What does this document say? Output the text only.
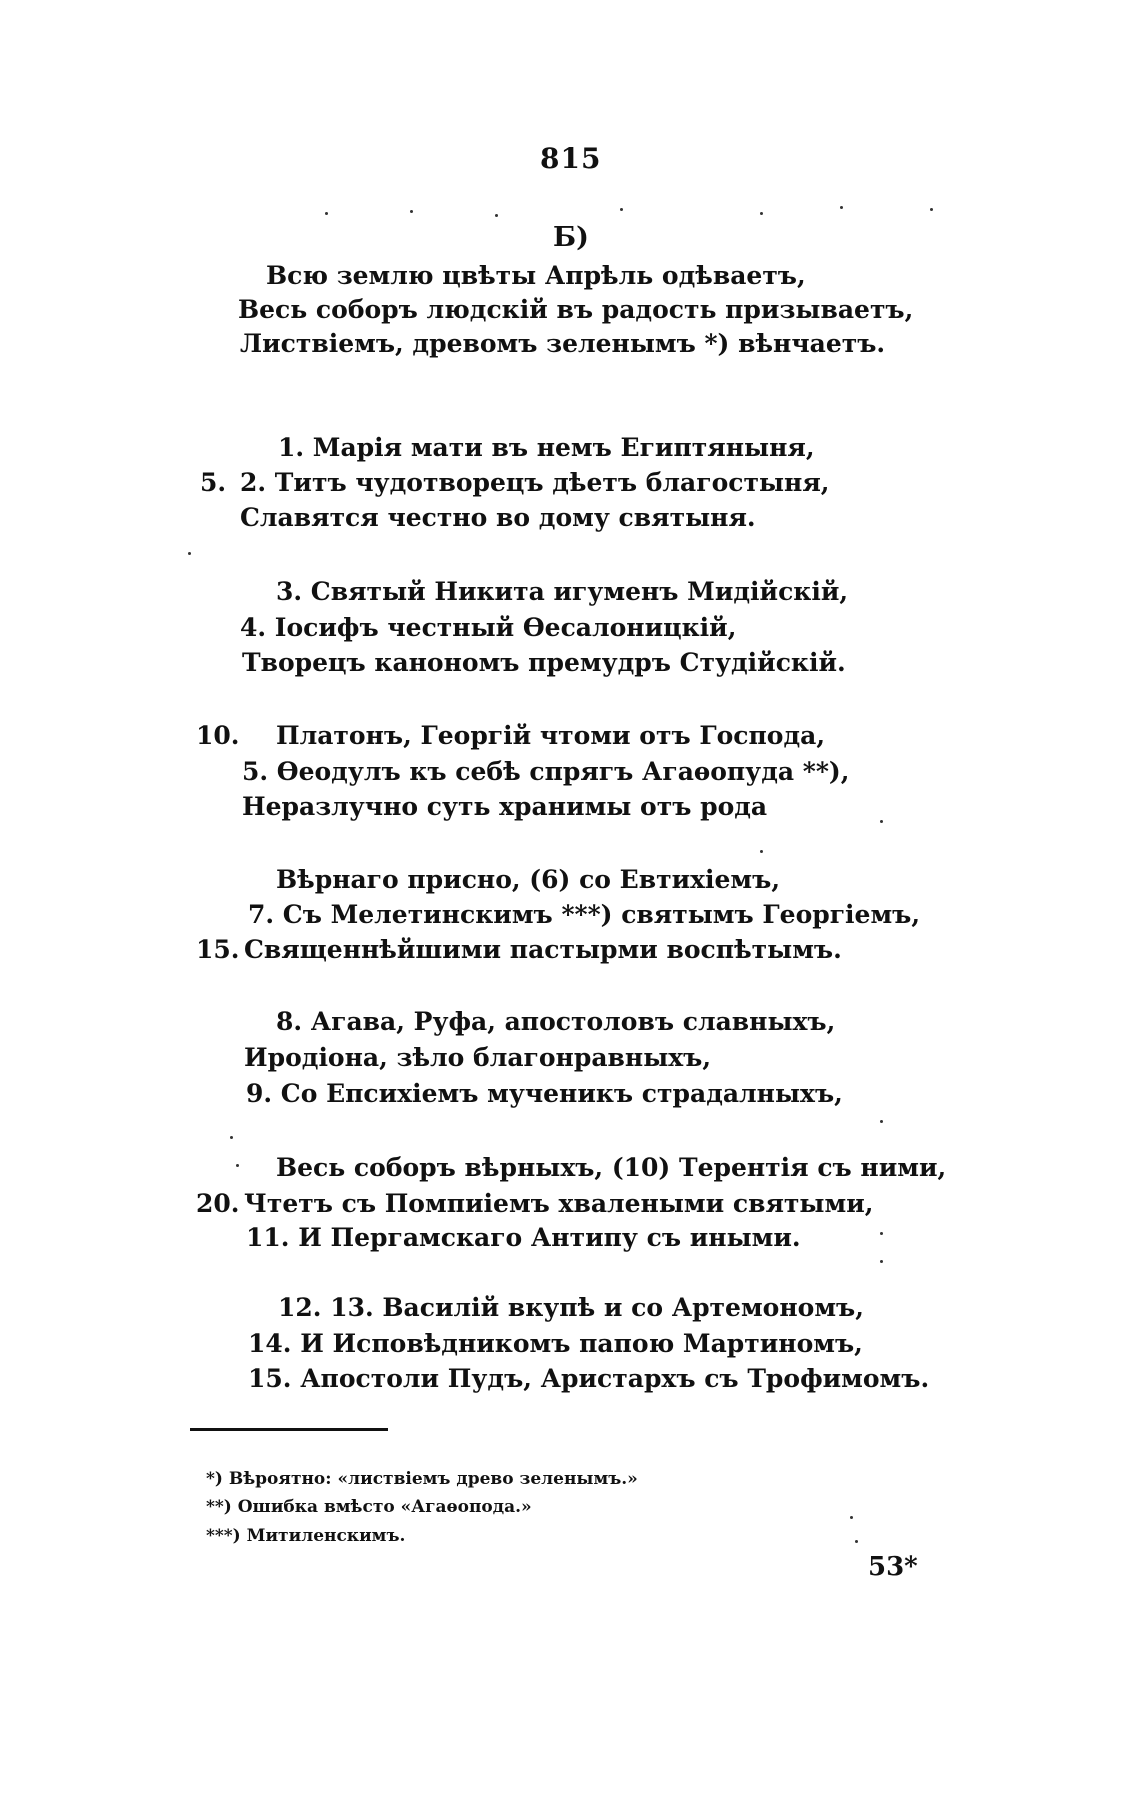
815
Б)
Всю землю цвѣты Апрѣль одѣваетъ,
Весь соборъ людскій въ радость призываетъ,
Листвіемъ, древомъ зеленымъ *) вѣнчаетъ.
1. Марія мати въ немъ Египтяныня,
5. 2. Титъ чудотворецъ дѣетъ благостыня,
Славятся честно во дому святыня.
3. Святый Никита игуменъ Мидійскій,
4. Іосифъ честный Ѳесалоницкій,
Творецъ канономъ премудръ Студійскій.
10. Платонъ, Георгій чтоми отъ Господа,
5. Ѳеодулъ къ себѣ спрягъ Агаѳопуда **),
Неразлучно суть хранимы отъ рода
Вѣрнаго присно, (6) со Евтихіемъ,
7. Съ Мелетинскимъ ***) святымъ Георгіемъ,
15. Священнѣйшими пастырми воспѣтымъ.
8. Агава, Руфа, апостоловъ славныхъ,
Иродіона, зѣло благонравныхъ,
9. Со Епсихіемъ мученикъ страдалныхъ,
Весь соборъ вѣрныхъ, (10) Терентія съ ними,
20. Чтетъ съ Помпиіемъ хвалеными святыми,
11. И Пергамскаго Антипу съ иными.
12. 13. Василій вкупѣ и со Артемономъ,
14. И Исповѣдникомъ папою Мартиномъ,
15. Апостоли Пудъ, Аристархъ съ Трофимомъ.
*) Вѣроятно: «листвіемъ древо зеленымъ.»
**) Ошибка вмѣсто «Агаѳопода.»
***) Митиленскимъ.
53*
